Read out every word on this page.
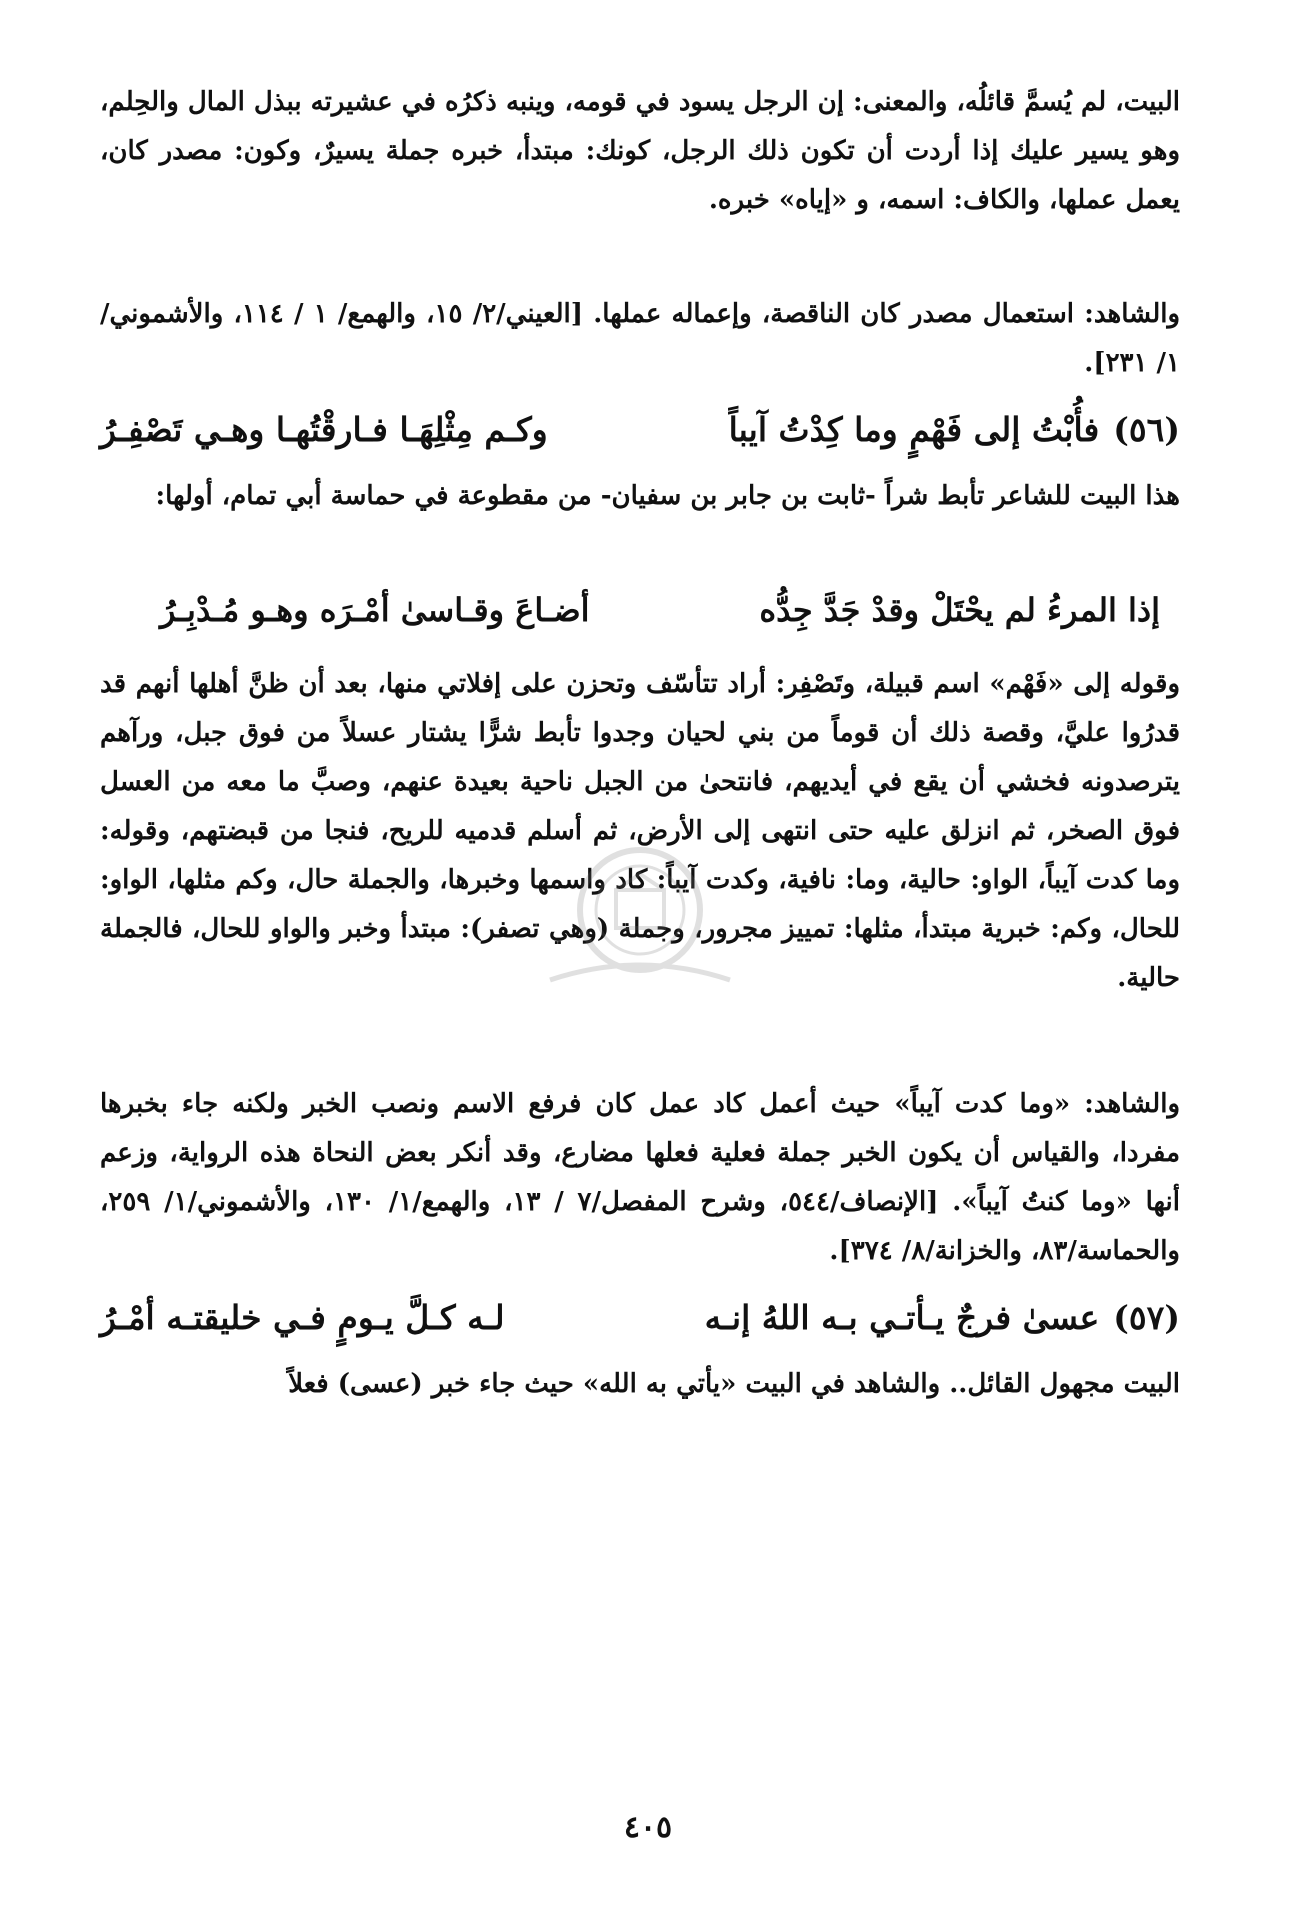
البيت، لم يُسمَّ قائلُه، والمعنى: إن الرجل يسود في قومه، وينبه ذكرُه في عشيرته ببذل المال والحِلم، وهو يسير عليك إذا أردت أن تكون ذلك الرجل، كونك: مبتدأ، خبره جملة يسيرٌ، وكون: مصدر كان، يعمل عملها، والكاف: اسمه، و «إياه» خبره.
والشاهد: استعمال مصدر كان الناقصة، وإعماله عملها. [العيني/٢/ ١٥، والهمع/ ١ / ١١٤، والأشموني/١/ ٢٣١].
(٥٦)فأُبْتُ إلى فَهْمٍ وما كِدْتُ آيباً
وكـم مِثْلِهَـا فـارقْتُهـا وهـي تَصْفِـرُ
هذا البيت للشاعر تأبط شراً -ثابت بن جابر بن سفيان- من مقطوعة في حماسة أبي تمام، أولها:
إذا المرءُ لم يحْتَلْ وقدْ جَدَّ جِدُّه
أضـاعَ وقـاسىٰ أمْـرَه وهـو مُـدْبِـرُ
وقوله إلى «فَهْم» اسم قبيلة، وتَصْفِر: أراد تتأسّف وتحزن على إفلاتي منها، بعد أن ظنَّ أهلها أنهم قد قدرُوا عليَّ، وقصة ذلك أن قوماً من بني لحيان وجدوا تأبط شرًّا يشتار عسلاً من فوق جبل، ورآهم يترصدونه فخشي أن يقع في أيديهم، فانتحىٰ من الجبل ناحية بعيدة عنهم، وصبَّ ما معه من العسل فوق الصخر، ثم انزلق عليه حتى انتهى إلى الأرض، ثم أسلم قدميه للريح، فنجا من قبضتهم، وقوله: وما كدت آيباً، الواو: حالية، وما: نافية، وكدت آيباً: كاد واسمها وخبرها، والجملة حال، وكم مثلها، الواو: للحال، وكم: خبرية مبتدأ، مثلها: تمييز مجرور، وجملة (وهي تصفر): مبتدأ وخبر والواو للحال، فالجملة حالية.
والشاهد: «وما كدت آيباً» حيث أعمل كاد عمل كان فرفع الاسم ونصب الخبر ولكنه جاء بخبرها مفردا، والقياس أن يكون الخبر جملة فعلية فعلها مضارع، وقد أنكر بعض النحاة هذه الرواية، وزعم أنها «وما كنتُ آيباً». [الإنصاف/٥٤٤، وشرح المفصل/٧ / ١٣، والهمع/١/ ١٣٠، والأشموني/١/ ٢٥٩، والحماسة/٨٣، والخزانة/٨/ ٣٧٤].
(٥٧)عسىٰ فرجٌ يـأتـي بـه اللهُ إنـه
لـه كـلَّ يـومٍ فـي خليقتـه أمْـرُ
البيت مجهول القائل.. والشاهد في البيت «يأتي به الله» حيث جاء خبر (عسى) فعلاً
٤٠٥
